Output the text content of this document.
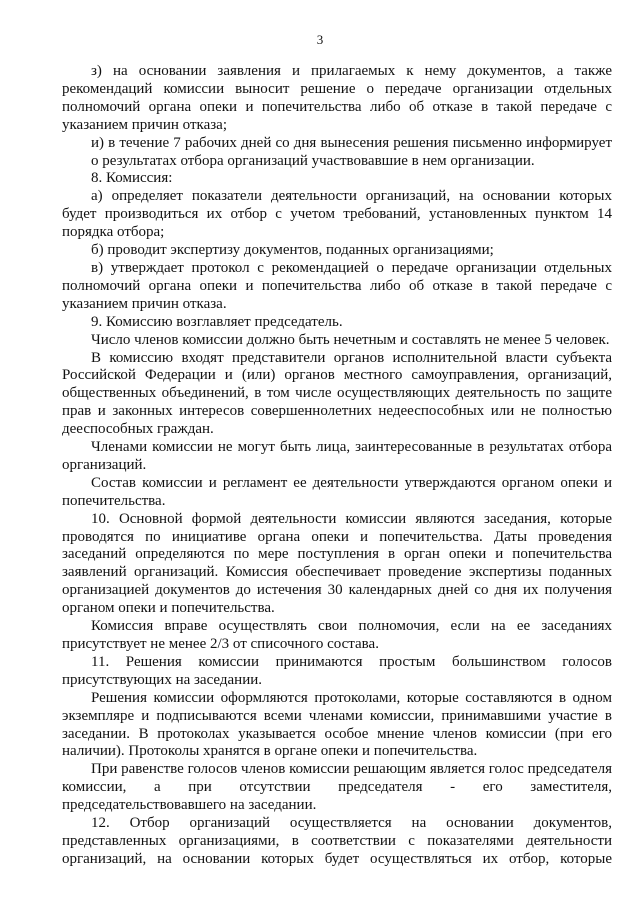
3

з) на основании заявления и прилагаемых к нему документов, а также рекомендаций комиссии выносит решение о передаче организации отдельных полномочий органа опеки и попечительства либо об отказе в такой передаче с указанием причин отказа;

и) в течение 7 рабочих дней со дня вынесения решения письменно информирует о результатах отбора организаций участвовавшие в нем организации.

8. Комиссия:

а) определяет показатели деятельности организаций, на основании которых будет производиться их отбор с учетом требований, установленных пунктом 14 порядка отбора;

б) проводит экспертизу документов, поданных организациями;

в) утверждает протокол с рекомендацией о передаче организации отдельных полномочий органа опеки и попечительства либо об отказе в такой передаче с указанием причин отказа.

9. Комиссию возглавляет председатель.

Число членов комиссии должно быть нечетным и составлять не менее 5 человек.

В комиссию входят представители органов исполнительной власти субъекта Российской Федерации и (или) органов местного самоуправления, организаций, общественных объединений, в том числе осуществляющих деятельность по защите прав и законных интересов совершеннолетних недееспособных или не полностью дееспособных граждан.

Членами комиссии не могут быть лица, заинтересованные в результатах отбора организаций.

Состав комиссии и регламент ее деятельности утверждаются органом опеки и попечительства.

10. Основной формой деятельности комиссии являются заседания, которые проводятся по инициативе органа опеки и попечительства. Даты проведения заседаний определяются по мере поступления в орган опеки и попечительства заявлений организаций. Комиссия обеспечивает проведение экспертизы поданных организацией документов до истечения 30 календарных дней со дня их получения органом опеки и попечительства.

Комиссия вправе осуществлять свои полномочия, если на ее заседаниях присутствует не менее 2/3 от списочного состава.

11. Решения комиссии принимаются простым большинством голосов присутствующих на заседании.

Решения комиссии оформляются протоколами, которые составляются в одном экземпляре и подписываются всеми членами комиссии, принимавшими участие в заседании. В протоколах указывается особое мнение членов комиссии (при его наличии). Протоколы хранятся в органе опеки и попечительства.

При равенстве голосов членов комиссии решающим является голос председателя комиссии, а при отсутствии председателя - его заместителя, председательствовавшего на заседании.

12. Отбор организаций осуществляется на основании документов, представленных организациями, в соответствии с показателями деятельности организаций, на основании которых будет осуществляться их отбор, которые
